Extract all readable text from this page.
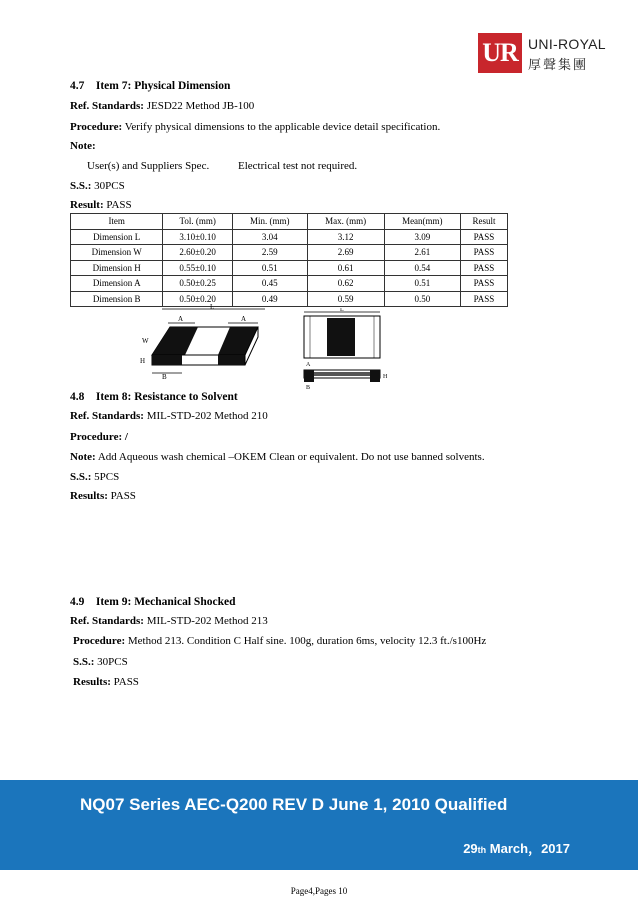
UR UNI-ROYAL
厚聲集團
4.7 Item 7: Physical Dimension
Ref. Standards: JESD22 Method JB-100
Procedure: Verify physical dimensions to the applicable device detail specification.
Note:
User(s) and Suppliers Spec.	Electrical test not required.
S.S.: 30PCS
Result: PASS
Item	Tol. (mm)	Min. (mm)	Max. (mm)	Mean(mm)	Result
Dimension L	3.10±0.10	3.04	3.12	3.09	PASS
Dimension W	2.60±0.20	2.59	2.69	2.61	PASS
Dimension H	0.55±0.10	0.51	0.61	0.54	PASS
Dimension A	0.50±0.25	0.45	0.62	0.51	PASS
Dimension B	0.50±0.20	0.49	0.59	0.50	PASS
L
A	A
W
H
B
L
A
H
B
4.8 Item 8: Resistance to Solvent
Ref. Standards: MIL-STD-202 Method 210
Procedure: /
Note: Add Aqueous wash chemical –OKEM Clean or equivalent. Do not use banned solvents.
S.S.: 5PCS
Results: PASS
4.9 Item 9: Mechanical Shocked
Ref. Standards: MIL-STD-202 Method 213
Procedure: Method 213. Condition C Half sine. 100g, duration 6ms, velocity 12.3 ft./s100Hz
S.S.: 30PCS
Results: PASS
NQ07 Series AEC-Q200 REV D June 1, 2010 Qualified
29th March，2017
Page4,Pages 10
